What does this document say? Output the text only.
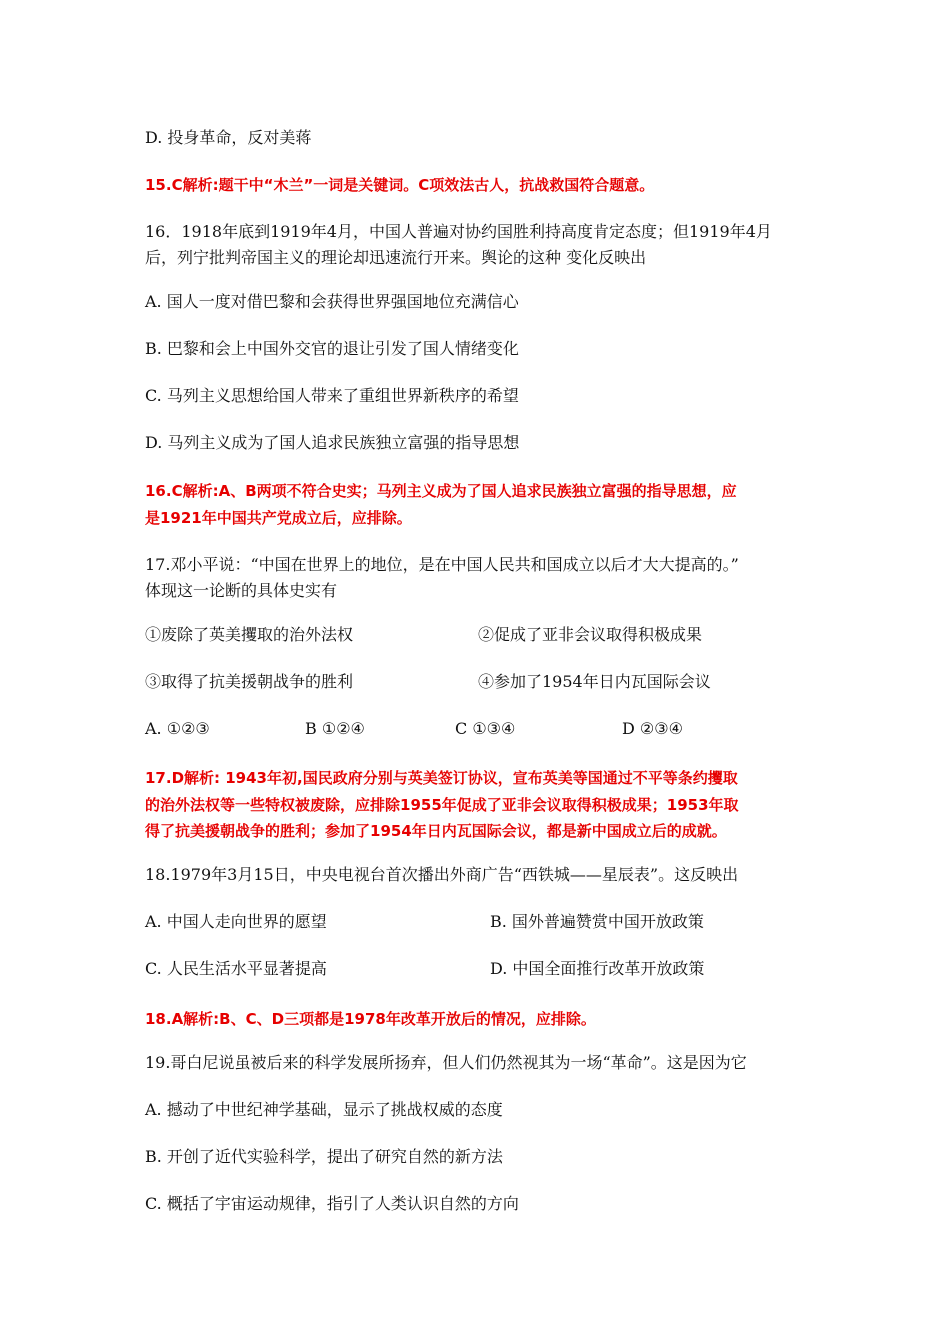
D. 投身革命，反对美蒋
15.C解析:题干中“木兰”一词是关键词。C项效法古人，抗战救国符合题意。
16．1918年底到1919年4月，中国人普遍对协约国胜利持高度肯定态度；但1919年4月
后，列宁批判帝国主义的理论却迅速流行开来。舆论的这种 变化反映出
A. 国人一度对借巴黎和会获得世界强国地位充满信心
B. 巴黎和会上中国外交官的退让引发了国人情绪变化
C. 马列主义思想给国人带来了重组世界新秩序的希望
D. 马列主义成为了国人追求民族独立富强的指导思想
16.C解析:A、B两项不符合史实；马列主义成为了国人追求民族独立富强的指导思想，应
是1921年中国共产党成立后，应排除。
17.邓小平说：“中国在世界上的地位，是在中国人民共和国成立以后才大大提高的。”
体现这一论断的具体史实有
①废除了英美攫取的治外法权	②促成了亚非会议取得积极成果
③取得了抗美援朝战争的胜利	④参加了1954年日内瓦国际会议
A. ①②③	B ①②④	C ①③④	D ②③④
17.D解析: 1943年初,国民政府分别与英美签订协议，宣布英美等国通过不平等条约攫取
的治外法权等一些特权被废除，应排除1955年促成了亚非会议取得积极成果；1953年取
得了抗美援朝战争的胜利；参加了1954年日内瓦国际会议，都是新中国成立后的成就。
18.1979年3月15日，中央电视台首次播出外商广告“西铁城——星辰表”。这反映出
A. 中国人走向世界的愿望	B. 国外普遍赞赏中国开放政策
C. 人民生活水平显著提高	D. 中国全面推行改革开放政策
18.A解析:B、C、D三项都是1978年改革开放后的情况，应排除。
19.哥白尼说虽被后来的科学发展所扬弃，但人们仍然视其为一场“革命”。这是因为它
A. 撼动了中世纪神学基础，显示了挑战权威的态度
B. 开创了近代实验科学，提出了研究自然的新方法
C. 概括了宇宙运动规律，指引了人类认识自然的方向
